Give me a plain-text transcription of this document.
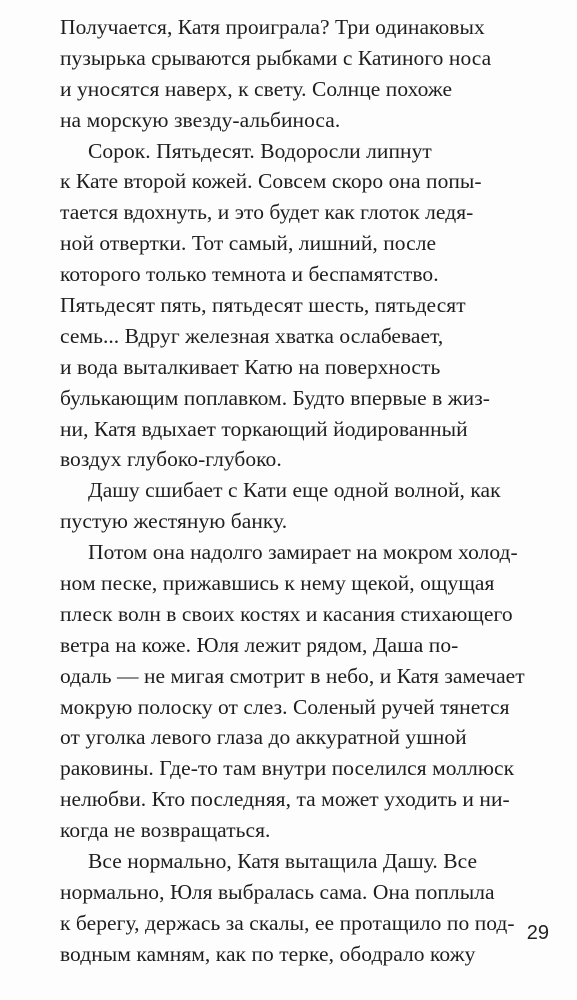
Получается, Катя проиграла? Три одинаковых
пузырька срываются рыбками с Катиного носа
и уносятся наверх, к свету. Солнце похоже
на морскую звезду-альбиноса.
Сорок. Пятьдесят. Водоросли липнут
к Кате второй кожей. Совсем скоро она попы-
тается вдохнуть, и это будет как глоток ледя-
ной отвертки. Тот самый, лишний, после
которого только темнота и беспамятство.
Пятьдесят пять, пятьдесят шесть, пятьдесят
семь... Вдруг железная хватка ослабевает,
и вода выталкивает Катю на поверхность
булькающим поплавком. Будто впервые в жиз-
ни, Катя вдыхает торкающий йодированный
воздух глубоко-глубоко.
Дашу сшибает с Кати еще одной волной, как
пустую жестяную банку.
Потом она надолго замирает на мокром холод-
ном песке, прижавшись к нему щекой, ощущая
плеск волн в своих костях и касания стихающего
ветра на коже. Юля лежит рядом, Даша по-
одаль — не мигая смотрит в небо, и Катя замечает
мокрую полоску от слез. Соленый ручей тянется
от уголка левого глаза до аккуратной ушной
раковины. Где-то там внутри поселился моллюск
нелюбви. Кто последняя, та может уходить и ни-
когда не возвращаться.
Все нормально, Катя вытащила Дашу. Все
нормально, Юля выбралась сама. Она поплыла
к берегу, держась за скалы, ее протащило по под-
водным камням, как по терке, ободрало кожу
29
